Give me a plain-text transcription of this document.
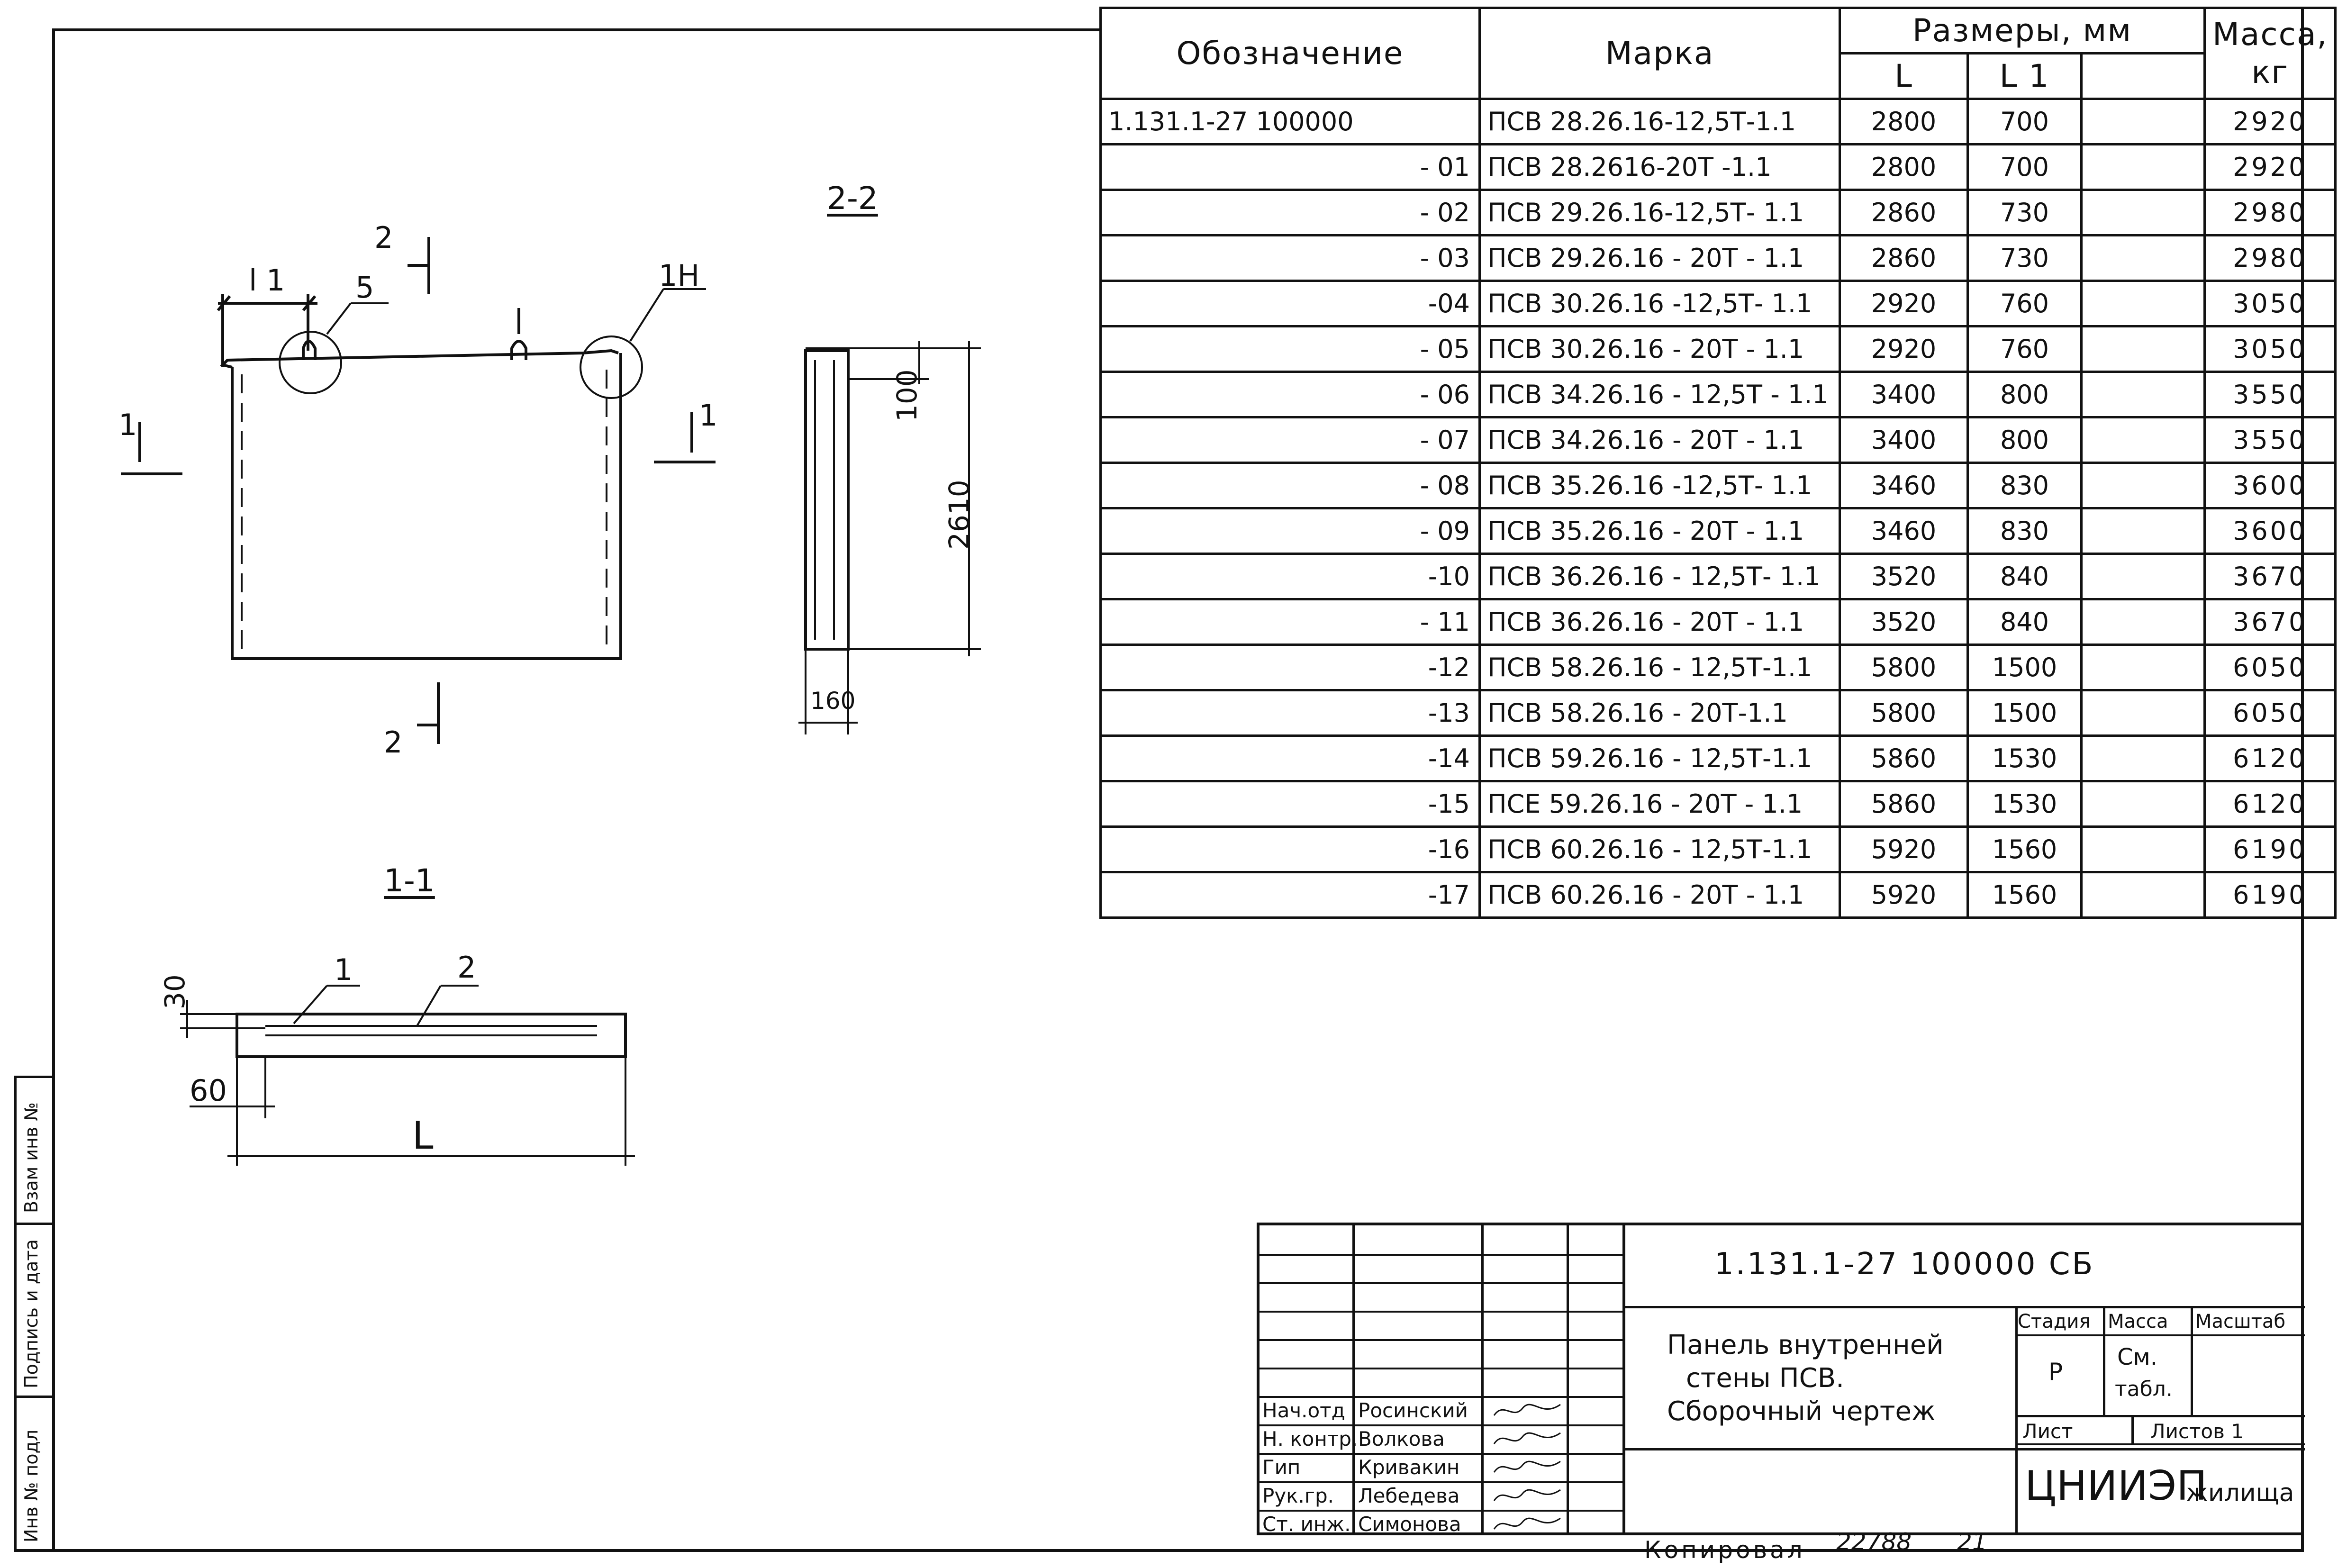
Взам инв №
Подпись и дата
Инв № подл
Обозначение	Марка	Размеры, мм			Масса, кг
		L	L 1		
1.131.1-27 100000	ПСВ 28.26.16-12,5Т-1.1	2800	700		2920
- 01	ПСВ 28.2616-20Т -1.1	2800	700		2920
- 02	ПСВ 29.26.16-12,5Т- 1.1	2860	730		2980
- 03	ПСВ 29.26.16 - 20Т - 1.1	2860	730		2980
-04	ПСВ 30.26.16 -12,5Т- 1.1	2920	760		3050
- 05	ПСВ 30.26.16 - 20Т - 1.1	2920	760		3050
- 06	ПСВ 34.26.16 - 12,5Т - 1.1	3400	800		3550
- 07	ПСВ 34.26.16 - 20Т - 1.1	3400	800		3550
- 08	ПСВ 35.26.16 -12,5Т- 1.1	3460	830		3600
- 09	ПСВ 35.26.16 - 20Т - 1.1	3460	830		3600
-10	ПСВ 36.26.16 - 12,5Т- 1.1	3520	840		3670
- 11	ПСВ 36.26.16 - 20Т - 1.1	3520	840		3670
-12	ПСВ 58.26.16 - 12,5Т-1.1	5800	1500		6050
-13	ПСВ 58.26.16 - 20Т-1.1	5800	1500		6050
-14	ПСВ 59.26.16 - 12,5Т-1.1	5860	1530		6120
-15	ПСЕ 59.26.16 - 20Т - 1.1	5860	1530		6120
-16	ПСВ 60.26.16 - 12,5Т-1.1	5920	1560		6190
-17	ПСВ 60.26.16 - 20Т - 1.1	5920	1560		6190
l 1 5	1Н
2
2
1	1
2-2
1-1
100
2610
160
30
60
L
1	2
1.131.1-27 100000 СБ
Панель внутренней
стены ПСВ.
Сборочный чертеж
Стадия Масса Масштаб
Р
См.
табл.
Лист	Листов 1
ЦНИИЭП
жилища
Нач.отд Росинский
Н. контр. Волкова
Гип	Кривакин
Рук.гр. Лебедева
Ст. инж. Симонова
Копировал 22788 21
